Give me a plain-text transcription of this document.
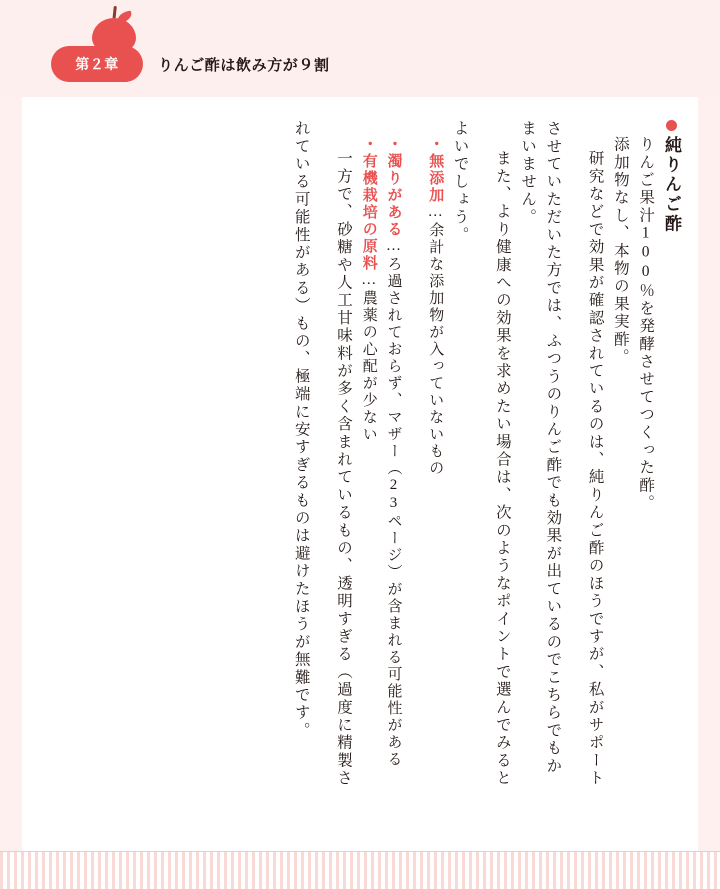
第２章	りんご酢は飲み方が９割
純りんご酢
りんご果汁100％を発酵させてつくった酢。
添加物なし、本物の果実酢。
研究などで効果が確認されているのは、純りんご酢のほうですが、私がサポート
させていただいた方では、ふつうのりんご酢でも効果が出ているのでこちらでもか
まいません。
また、より健康への効果を求めたい場合は、次のようなポイントで選んでみると
よいでしょう。
・無添加…余計な添加物が入っていないもの
・濁りがある…ろ過されておらず、マザー（23ページ）が含まれる可能性がある
・有機栽培の原料…農薬の心配が少ない
一方で、砂糖や人工甘味料が多く含まれているもの、透明すぎる（過度に精製さ
れている可能性がある）もの、極端に安すぎるものは避けたほうが無難です。
